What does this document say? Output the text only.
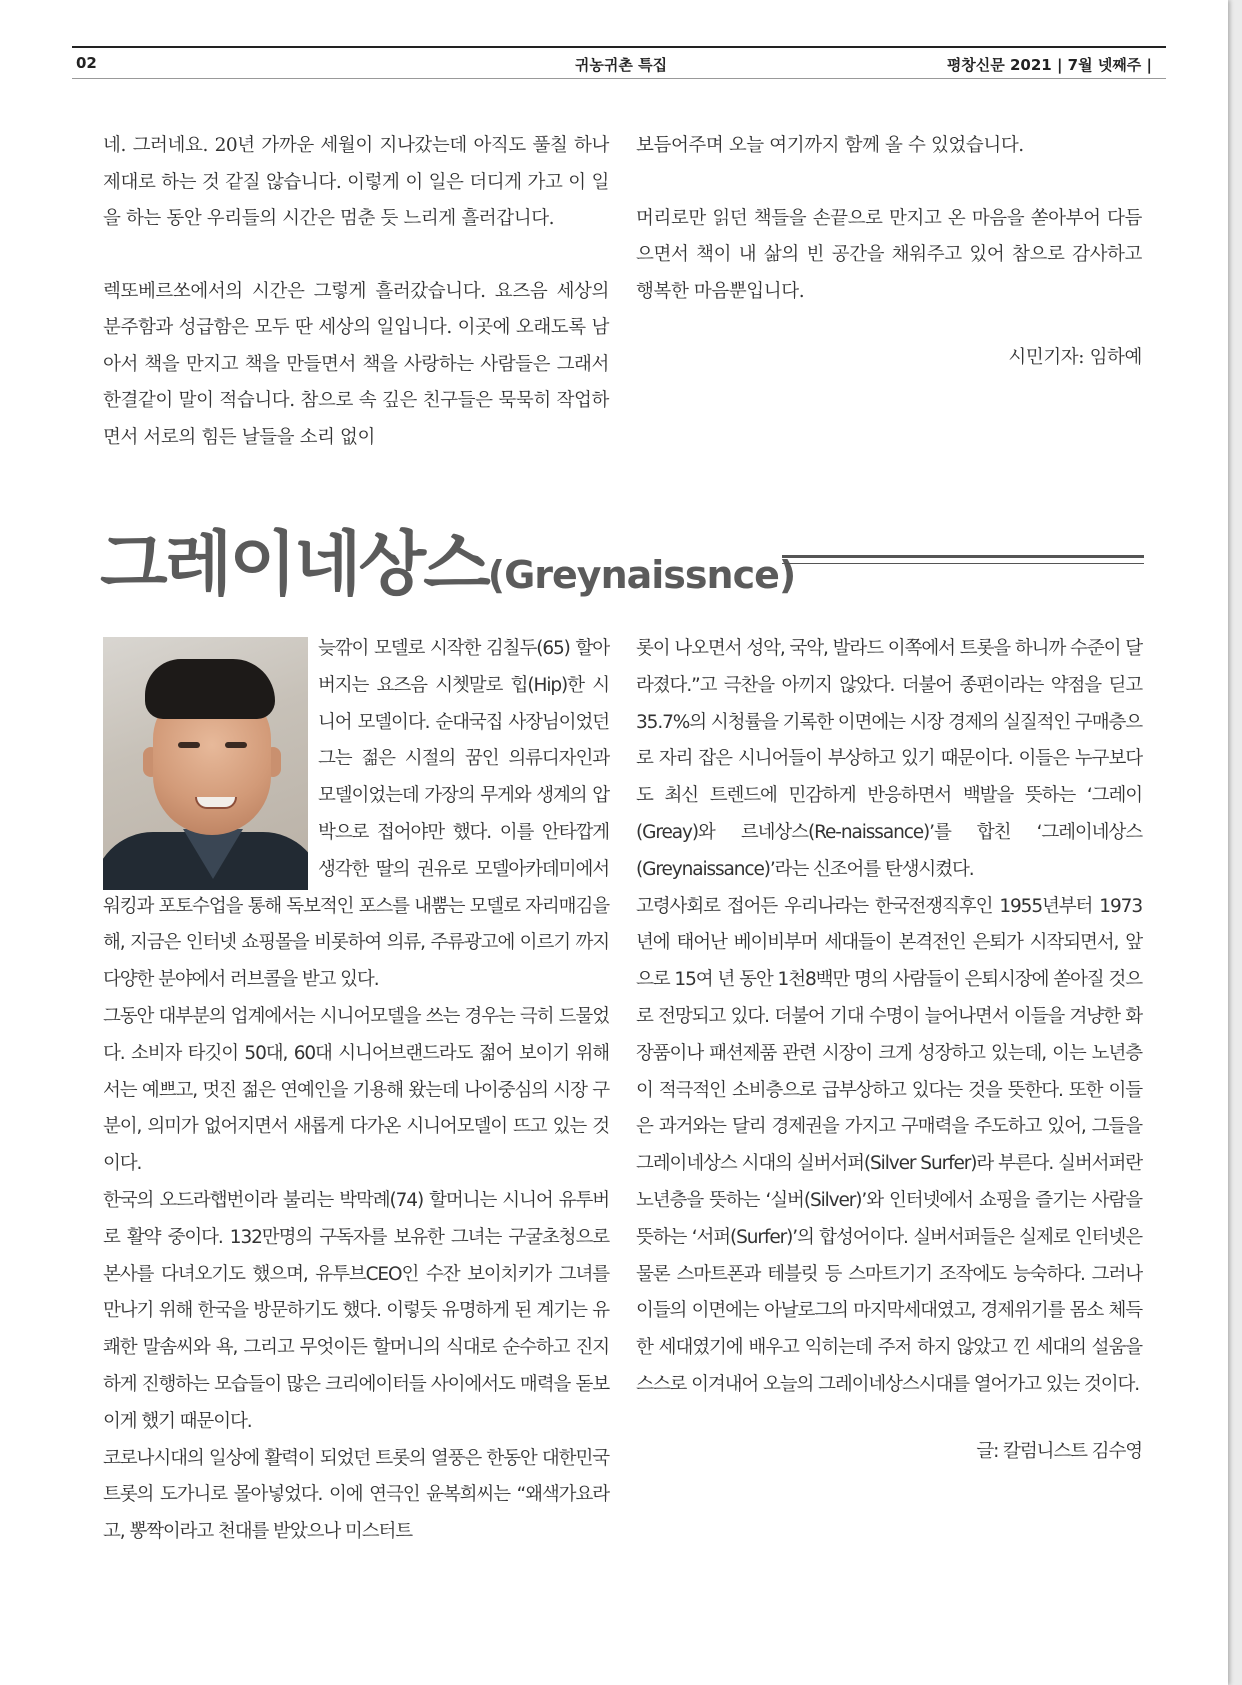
02	귀농귀촌 특집	평창신문 2021 | 7월 넷째주 |

네. 그러네요. 20년 가까운 세월이 지나갔는데 아직도 풀칠 하나 제대로 하는 것 같질 않습니다. 이렇게 이 일은 더디게 가고 이 일을 하는 동안 우리들의 시간은 멈춘 듯 느리게 흘러갑니다.

렉또베르쏘에서의 시간은 그렇게 흘러갔습니다. 요즈음 세상의 분주함과 성급함은 모두 딴 세상의 일입니다. 이곳에 오래도록 남아서 책을 만지고 책을 만들면서 책을 사랑하는 사람들은 그래서 한결같이 말이 적습니다. 참으로 속 깊은 친구들은 묵묵히 작업하면서 서로의 힘든 날들을 소리 없이

보듬어주며 오늘 여기까지 함께 올 수 있었습니다.

머리로만 읽던 책들을 손끝으로 만지고 온 마음을 쏟아부어 다듬으면서 책이 내 삶의 빈 공간을 채워주고 있어 참으로 감사하고 행복한 마음뿐입니다.

시민기자: 임하예

그레이네상스(Greynaissnce)

늦깎이 모델로 시작한 김칠두(65) 할아버지는 요즈음 시쳇말로 힙(Hip)한 시니어 모델이다. 순대국집 사장님이었던 그는 젊은 시절의 꿈인 의류디자인과 모델이었는데 가장의 무게와 생계의 압박으로 접어야만 했다. 이를 안타깝게 생각한 딸의 권유로 모델아카데미에서 워킹과 포토수업을 통해 독보적인 포스를 내뿜는 모델로 자리매김을 해, 지금은 인터넷 쇼핑몰을 비롯하여 의류, 주류광고에 이르기 까지 다양한 분야에서 러브콜을 받고 있다.

그동안 대부분의 업계에서는 시니어모델을 쓰는 경우는 극히 드물었다. 소비자 타깃이 50대, 60대 시니어브랜드라도 젊어 보이기 위해서는 예쁘고, 멋진 젊은 연예인을 기용해 왔는데 나이중심의 시장 구분이, 의미가 없어지면서 새롭게 다가온 시니어모델이 뜨고 있는 것이다.

한국의 오드라햅번이라 불리는 박막례(74) 할머니는 시니어 유투버로 활약 중이다. 132만명의 구독자를 보유한 그녀는 구굴초청으로 본사를 다녀오기도 했으며, 유투브CEO인 수잔 보이치키가 그녀를 만나기 위해 한국을 방문하기도 했다. 이렇듯 유명하게 된 계기는 유쾌한 말솜씨와 욕, 그리고 무엇이든 할머니의 식대로 순수하고 진지하게 진행하는 모습들이 많은 크리에이터들 사이에서도 매력을 돋보이게 했기 때문이다.

코로나시대의 일상에 활력이 되었던 트롯의 열풍은 한동안 대한민국 트롯의 도가니로 몰아넣었다. 이에 연극인 윤복희씨는 “왜색가요라고, 뽕짝이라고 천대를 받았으나 미스터트

롯이 나오면서 성악, 국악, 발라드 이쪽에서 트롯을 하니까 수준이 달라졌다.”고 극찬을 아끼지 않았다. 더불어 종편이라는 약점을 딛고 35.7%의 시청률을 기록한 이면에는 시장 경제의 실질적인 구매층으로 자리 잡은 시니어들이 부상하고 있기 때문이다. 이들은 누구보다도 최신 트렌드에 민감하게 반응하면서 백발을 뜻하는 ‘그레이(Greay)와 르네상스(Re-naissance)’를 합친 ‘그레이네상스(Greynaissance)’라는 신조어를 탄생시켰다.

고령사회로 접어든 우리나라는 한국전쟁직후인 1955년부터 1973년에 태어난 베이비부머 세대들이 본격전인 은퇴가 시작되면서, 앞으로 15여 년 동안 1천8백만 명의 사람들이 은퇴시장에 쏟아질 것으로 전망되고 있다. 더불어 기대 수명이 늘어나면서 이들을 겨냥한 화장품이나 패션제품 관련 시장이 크게 성장하고 있는데, 이는 노년층이 적극적인 소비층으로 급부상하고 있다는 것을 뜻한다. 또한 이들은 과거와는 달리 경제권을 가지고 구매력을 주도하고 있어, 그들을 그레이네상스 시대의 실버서퍼(Silver Surfer)라 부른다. 실버서퍼란 노년층을 뜻하는 ‘실버(Silver)’와 인터넷에서 쇼핑을 즐기는 사람을 뜻하는 ‘서퍼(Surfer)’의 합성어이다. 실버서퍼들은 실제로 인터넷은 물론 스마트폰과 테블릿 등 스마트기기 조작에도 능숙하다. 그러나 이들의 이면에는 아날로그의 마지막세대였고, 경제위기를 몸소 체득한 세대였기에 배우고 익히는데 주저 하지 않았고 낀 세대의 설움을 스스로 이겨내어 오늘의 그레이네상스시대를 열어가고 있는 것이다.

글: 칼럼니스트 김수영
